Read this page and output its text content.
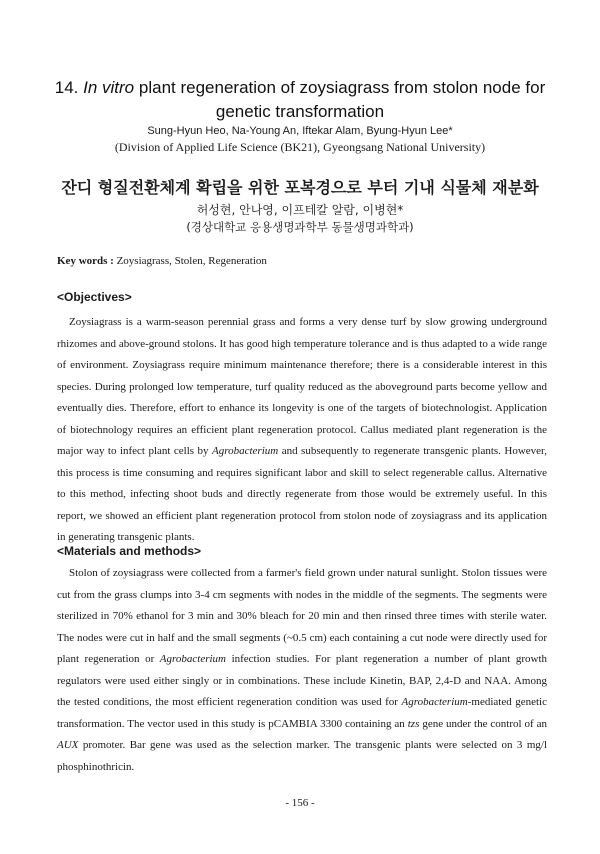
14. In vitro plant regeneration of zoysiagrass from stolon node for genetic transformation
Sung-Hyun Heo, Na-Young An, Iftekar Alam, Byung-Hyun Lee*
(Division of Applied Life Science (BK21), Gyeongsang National University)
잔디 형질전환체계 확립을 위한 포복경으로 부터 기내 식물체 재분화
허성현, 안나영, 이프테칼 알람, 이병현*
(경상대학교 응용생명과학부 동물생명과학과)
Key words : Zoysiagrass, Stolen, Regeneration
<Objectives>

Zoysiagrass is a warm-season perennial grass and forms a very dense turf by slow growing underground rhizomes and above-ground stolons. It has good high temperature tolerance and is thus adapted to a wide range of environment. Zoysiagrass require minimum maintenance therefore; there is a considerable interest in this species. During prolonged low temperature, turf quality reduced as the aboveground parts become yellow and eventually dies. Therefore, effort to enhance its longevity is one of the targets of biotechnologist. Application of biotechnology requires an efficient plant regeneration protocol. Callus mediated plant regeneration is the major way to infect plant cells by Agrobacterium and subsequently to regenerate transgenic plants. However, this process is time consuming and requires significant labor and skill to select regenerable callus. Alternative to this method, infecting shoot buds and directly regenerate from those would be extremely useful. In this report, we showed an efficient plant regeneration protocol from stolon node of zoysiagrass and its application in generating transgenic plants.

<Materials and methods>

Stolon of zoysiagrass were collected from a farmer's field grown under natural sunlight. Stolon tissues were cut from the grass clumps into 3-4 cm segments with nodes in the middle of the segments. The segments were sterilized in 70% ethanol for 3 min and 30% bleach for 20 min and then rinsed three times with sterile water. The nodes were cut in half and the small segments (~0.5 cm) each containing a cut node were directly used for plant regeneration or Agrobacterium infection studies. For plant regeneration a number of plant growth regulators were used either singly or in combinations. These include Kinetin, BAP, 2,4-D and NAA. Among the tested conditions, the most efficient regeneration condition was used for Agrobacterium-mediated genetic transformation. The vector used in this study is pCAMBIA 3300 containing an tzs gene under the control of an AUX promoter. Bar gene was used as the selection marker. The transgenic plants were selected on 3 mg/l phosphinothricin.

- 156 -
